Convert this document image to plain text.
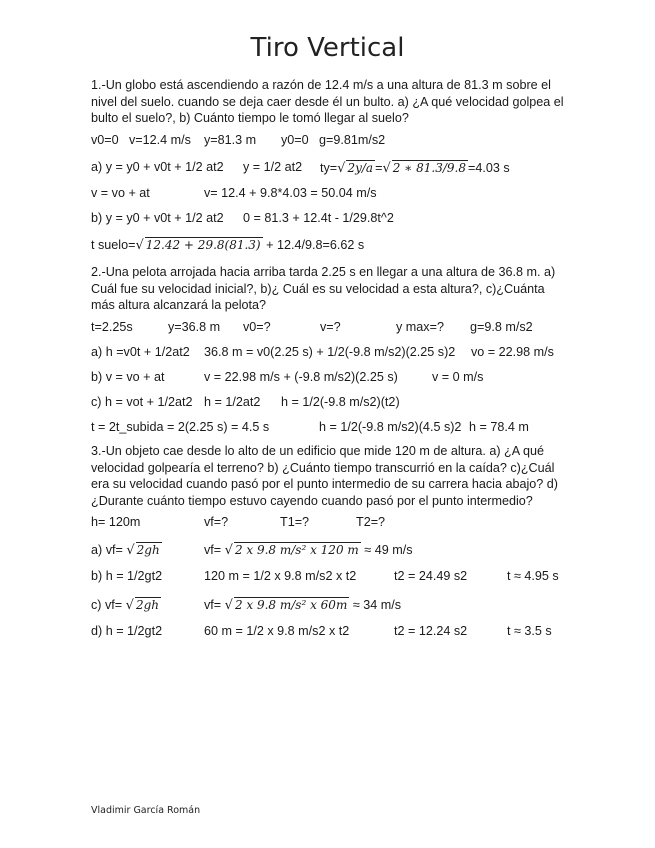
Tiro Vertical
1.-Un globo está ascendiendo a razón de 12.4 m/s a una altura de 81.3 m sobre el nivel del suelo. cuando se deja caer desde él un bulto. a) ¿A qué velocidad golpea el bulto el suelo?, b) Cuánto tiempo le tomó llegar al suelo?
v0=0 v=12.4 m/s y=81.3 m y0=0 g=9.81m/s2
a) y = y0 + v0t + 1/2 at2 y = 1/2 at2 ty=√ 2y/a =√ 2 ∗ 81.3/9.8 =4.03 s
v = vo + at	v= 12.4 + 9.8*4.03 = 50.04 m/s
b) y = y0 + v0t + 1/2 at2 0 = 81.3 + 12.4t - 1/29.8t^2
t suelo=√ 12.42 + 29.8(81.3) + 12.4/9.8=6.62 s
2.-Una pelota arrojada hacia arriba tarda 2.25 s en llegar a una altura de 36.8 m. a) Cuál fue su velocidad inicial?, b)¿ Cuál es su velocidad a esta altura?, c)¿Cuánta más altura alcanzará la pelota?
t=2.25s	y=36.8 m v0=?	v=?	y max=? g=9.8 m/s2
a) h =v0t + 1/2at2 36.8 m = v0(2.25 s) + 1/2(-9.8 m/s2)(2.25 s)2 vo = 22.98 m/s
b) v = vo + at	v = 22.98 m/s + (-9.8 m/s2)(2.25 s)	v = 0 m/s
c) h = vot + 1/2at2 h = 1/2at2 h = 1/2(-9.8 m/s2)(t2)
t = 2t_subida = 2(2.25 s) = 4.5 s	h = 1/2(-9.8 m/s2)(4.5 s)2 h = 78.4 m
3.-Un objeto cae desde lo alto de un edificio que mide 120 m de altura. a) ¿A qué velocidad golpearía el terreno? b) ¿Cuánto tiempo transcurrió en la caída? c)¿Cuál era su velocidad cuando pasó por el punto intermedio de su carrera hacia abajo? d) ¿Durante cuánto tiempo estuvo cayendo cuando pasó por el punto intermedio?
h= 120m	vf=?	T1=?	T2=?
a) vf= √ 2gh	vf= √ 2 x 9.8 m/s² x 120 m ≈ 49 m/s
b) h = 1/2gt2	120 m = 1/2 x 9.8 m/s2 x t2	t2 = 24.49 s2	t ≈ 4.95 s
c) vf= √ 2gh	vf= √ 2 x 9.8 m/s² x 60m ≈ 34 m/s
d) h = 1/2gt2	60 m = 1/2 x 9.8 m/s2 x t2	t2 = 12.24 s2	t ≈ 3.5 s
Vladimir García Román
